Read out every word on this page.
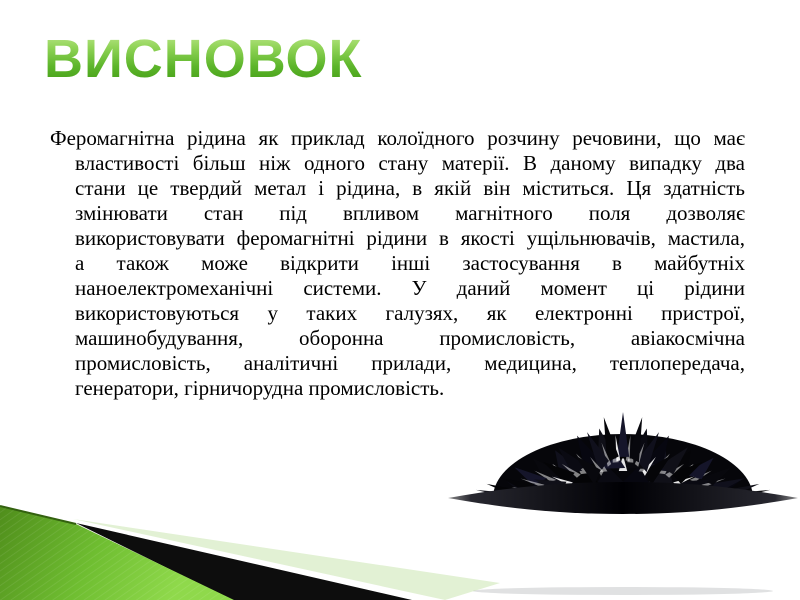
ВИСНОВОК
Феромагнітна рідина як приклад колоїдного розчину речовини, що має
властивості більш ніж одного стану матерії. В даному випадку два
стани це твердий метал і рідина, в якій він міститься. Ця здатність
змінювати стан під впливом магнітного поля дозволяє
використовувати феромагнітні рідини в якості ущільнювачів, мастила,
а також може відкрити інші застосування в майбутніх
наноелектромеханічні системи. У даний момент ці рідини
використовуються у таких галузях, як електронні пристрої,
машинобудування, оборонна промисловість, авіакосмічна
промисловість, аналітичні прилади, медицина, теплопередача,
генератори, гірничорудна промисловість.
